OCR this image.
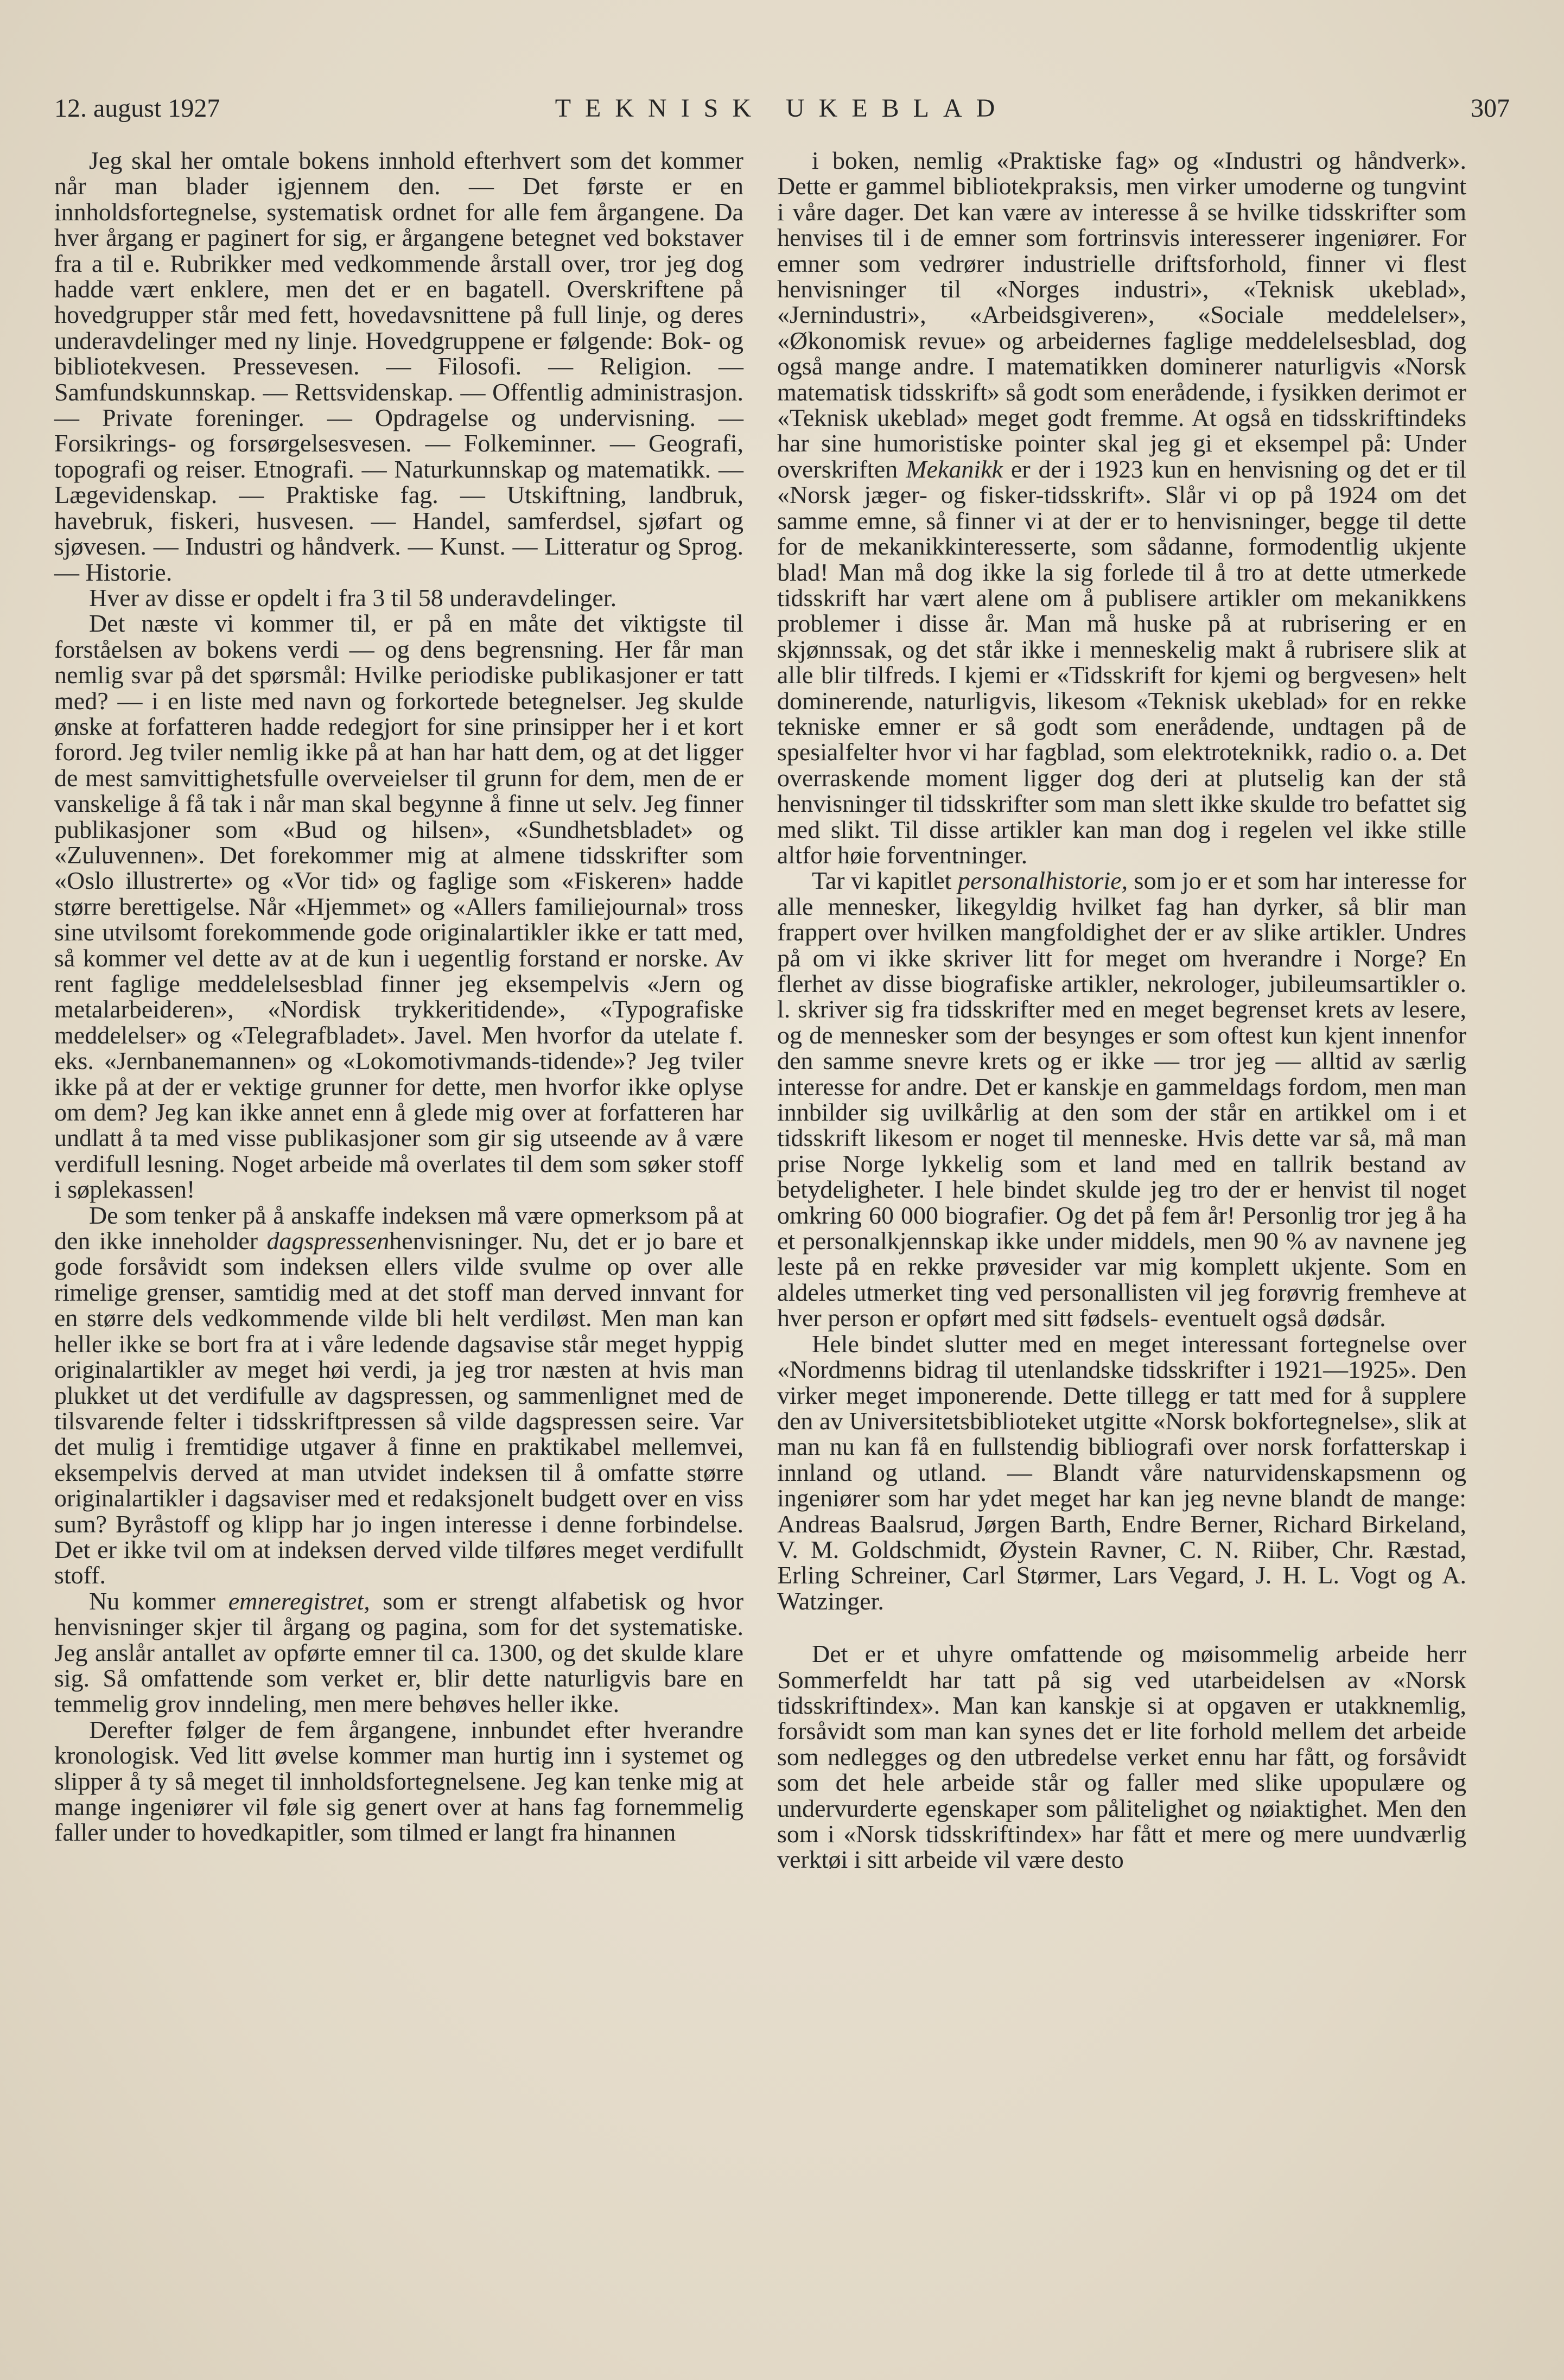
12. august 1927	TEKNISK UKEBLAD	307

Jeg skal her omtale bokens innhold efterhvert som det kommer når man blader igjennem den. — Det første er en innholdsfortegnelse, systematisk ordnet for alle fem årgangene. Da hver årgang er paginert for sig, er årgangene betegnet ved bokstaver fra a til e. Rubrikker med vedkommende årstall over, tror jeg dog hadde vært enklere, men det er en bagatell. Overskriftene på hovedgrupper står med fett, hovedavsnittene på full linje, og deres underavdelinger med ny linje. Hovedgruppene er følgende: Bok- og bibliotekvesen. Pressevesen. — Filosofi. — Religion. — Samfundskunnskap. — Rettsvidenskap. — Offentlig administrasjon. — Private foreninger. — Opdragelse og undervisning. — Forsikrings- og forsørgelsesvesen. — Folkeminner. — Geografi, topografi og reiser. Etnografi. — Naturkunnskap og matematikk. — Lægevidenskap. — Praktiske fag. — Utskiftning, landbruk, havebruk, fiskeri, husvesen. — Handel, samferdsel, sjøfart og sjøvesen. — Industri og håndverk. — Kunst. — Litteratur og Sprog. — Historie.

Hver av disse er opdelt i fra 3 til 58 underavdelinger.

Det næste vi kommer til, er på en måte det viktigste til forståelsen av bokens verdi — og dens begrensning. Her får man nemlig svar på det spørsmål: Hvilke periodiske publikasjoner er tatt med? — i en liste med navn og forkortede betegnelser. Jeg skulde ønske at forfatteren hadde redegjort for sine prinsipper her i et kort forord. Jeg tviler nemlig ikke på at han har hatt dem, og at det ligger de mest samvittighetsfulle overveielser til grunn for dem, men de er vanskelige å få tak i når man skal begynne å finne ut selv. Jeg finner publikasjoner som «Bud og hilsen», «Sundhetsbladet» og «Zuluvennen». Det forekommer mig at almene tidsskrifter som «Oslo illustrerte» og «Vor tid» og faglige som «Fiskeren» hadde større berettigelse. Når «Hjemmet» og «Allers familiejournal» tross sine utvilsomt forekommende gode originalartikler ikke er tatt med, så kommer vel dette av at de kun i uegentlig forstand er norske. Av rent faglige meddelelsesblad finner jeg eksempelvis «Jern og metalarbeideren», «Nordisk trykkeritidende», «Typografiske meddelelser» og «Telegrafbladet». Javel. Men hvorfor da utelate f. eks. «Jernbanemannen» og «Lokomotivmands-tidende»? Jeg tviler ikke på at der er vektige grunner for dette, men hvorfor ikke oplyse om dem? Jeg kan ikke annet enn å glede mig over at forfatteren har undlatt å ta med visse publikasjoner som gir sig utseende av å være verdifull lesning. Noget arbeide må overlates til dem som søker stoff i søplekassen!

De som tenker på å anskaffe indeksen må være opmerksom på at den ikke inneholder dagspressenhenvisninger. Nu, det er jo bare et gode forsåvidt som indeksen ellers vilde svulme op over alle rimelige grenser, samtidig med at det stoff man derved innvant for en større dels vedkommende vilde bli helt verdiløst. Men man kan heller ikke se bort fra at i våre ledende dagsavise står meget hyppig originalartikler av meget høi verdi, ja jeg tror næsten at hvis man plukket ut det verdifulle av dagspressen, og sammenlignet med de tilsvarende felter i tidsskriftpressen så vilde dagspressen seire. Var det mulig i fremtidige utgaver å finne en praktikabel mellemvei, eksempelvis derved at man utvidet indeksen til å omfatte større originalartikler i dagsaviser med et redaksjonelt budgett over en viss sum? Byråstoff og klipp har jo ingen interesse i denne forbindelse. Det er ikke tvil om at indeksen derved vilde tilføres meget verdifullt stoff.

Nu kommer emneregistret, som er strengt alfabetisk og hvor henvisninger skjer til årgang og pagina, som for det systematiske. Jeg anslår antallet av opførte emner til ca. 1300, og det skulde klare sig. Så omfattende som verket er, blir dette naturligvis bare en temmelig grov inndeling, men mere behøves heller ikke.

Derefter følger de fem årgangene, innbundet efter hverandre kronologisk. Ved litt øvelse kommer man hurtig inn i systemet og slipper å ty så meget til innholdsfortegnelsene. Jeg kan tenke mig at mange ingeniører vil føle sig genert over at hans fag fornemmelig faller under to hovedkapitler, som tilmed er langt fra hinannen

i boken, nemlig «Praktiske fag» og «Industri og håndverk». Dette er gammel bibliotekpraksis, men virker umoderne og tungvint i våre dager. Det kan være av interesse å se hvilke tidsskrifter som henvises til i de emner som fortrinsvis interesserer ingeniører. For emner som vedrører industrielle driftsforhold, finner vi flest henvisninger til «Norges industri», «Teknisk ukeblad», «Jernindustri», «Arbeidsgiveren», «Sociale meddelelser», «Økonomisk revue» og arbeidernes faglige meddelelsesblad, dog også mange andre. I matematikken dominerer naturligvis «Norsk matematisk tidsskrift» så godt som enerådende, i fysikken derimot er «Teknisk ukeblad» meget godt fremme. At også en tidsskriftindeks har sine humoristiske pointer skal jeg gi et eksempel på: Under overskriften Mekanikk er der i 1923 kun en henvisning og det er til «Norsk jæger- og fisker-tidsskrift». Slår vi op på 1924 om det samme emne, så finner vi at der er to henvisninger, begge til dette for de mekanikkinteresserte, som sådanne, formodentlig ukjente blad! Man må dog ikke la sig forlede til å tro at dette utmerkede tidsskrift har vært alene om å publisere artikler om mekanikkens problemer i disse år. Man må huske på at rubrisering er en skjønnssak, og det står ikke i menneskelig makt å rubrisere slik at alle blir tilfreds. I kjemi er «Tidsskrift for kjemi og bergvesen» helt dominerende, naturligvis, likesom «Teknisk ukeblad» for en rekke tekniske emner er så godt som enerådende, undtagen på de spesialfelter hvor vi har fagblad, som elektroteknikk, radio o. a. Det overraskende moment ligger dog deri at plutselig kan der stå henvisninger til tidsskrifter som man slett ikke skulde tro befattet sig med slikt. Til disse artikler kan man dog i regelen vel ikke stille altfor høie forventninger.

Tar vi kapitlet personalhistorie, som jo er et som har interesse for alle mennesker, likegyldig hvilket fag han dyrker, så blir man frappert over hvilken mangfoldighet der er av slike artikler. Undres på om vi ikke skriver litt for meget om hverandre i Norge? En flerhet av disse biografiske artikler, nekrologer, jubileumsartikler o. l. skriver sig fra tidsskrifter med en meget begrenset krets av lesere, og de mennesker som der besynges er som oftest kun kjent innenfor den samme snevre krets og er ikke — tror jeg — alltid av særlig interesse for andre. Det er kanskje en gammeldags fordom, men man innbilder sig uvilkårlig at den som der står en artikkel om i et tidsskrift likesom er noget til menneske. Hvis dette var så, må man prise Norge lykkelig som et land med en tallrik bestand av betydeligheter. I hele bindet skulde jeg tro der er henvist til noget omkring 60 000 biografier. Og det på fem år! Personlig tror jeg å ha et personalkjennskap ikke under middels, men 90 % av navnene jeg leste på en rekke prøvesider var mig komplett ukjente. Som en aldeles utmerket ting ved personallisten vil jeg forøvrig fremheve at hver person er opført med sitt fødsels- eventuelt også dødsår.

Hele bindet slutter med en meget interessant fortegnelse over «Nordmenns bidrag til utenlandske tidsskrifter i 1921—1925». Den virker meget imponerende. Dette tillegg er tatt med for å supplere den av Universitetsbiblioteket utgitte «Norsk bokfortegnelse», slik at man nu kan få en fullstendig bibliografi over norsk forfatterskap i innland og utland. — Blandt våre naturvidenskapsmenn og ingeniører som har ydet meget har kan jeg nevne blandt de mange: Andreas Baalsrud, Jørgen Barth, Endre Berner, Richard Birkeland, V. M. Goldschmidt, Øystein Ravner, C. N. Riiber, Chr. Ræstad, Erling Schreiner, Carl Størmer, Lars Vegard, J. H. L. Vogt og A. Watzinger.

Det er et uhyre omfattende og møisommelig arbeide herr Sommerfeldt har tatt på sig ved utarbeidelsen av «Norsk tidsskriftindex». Man kan kanskje si at opgaven er utakknemlig, forsåvidt som man kan synes det er lite forhold mellem det arbeide som nedlegges og den utbredelse verket ennu har fått, og forsåvidt som det hele arbeide står og faller med slike upopulære og undervurderte egenskaper som pålitelighet og nøiaktighet. Men den som i «Norsk tidsskriftindex» har fått et mere og mere uundværlig verktøi i sitt arbeide vil være desto
